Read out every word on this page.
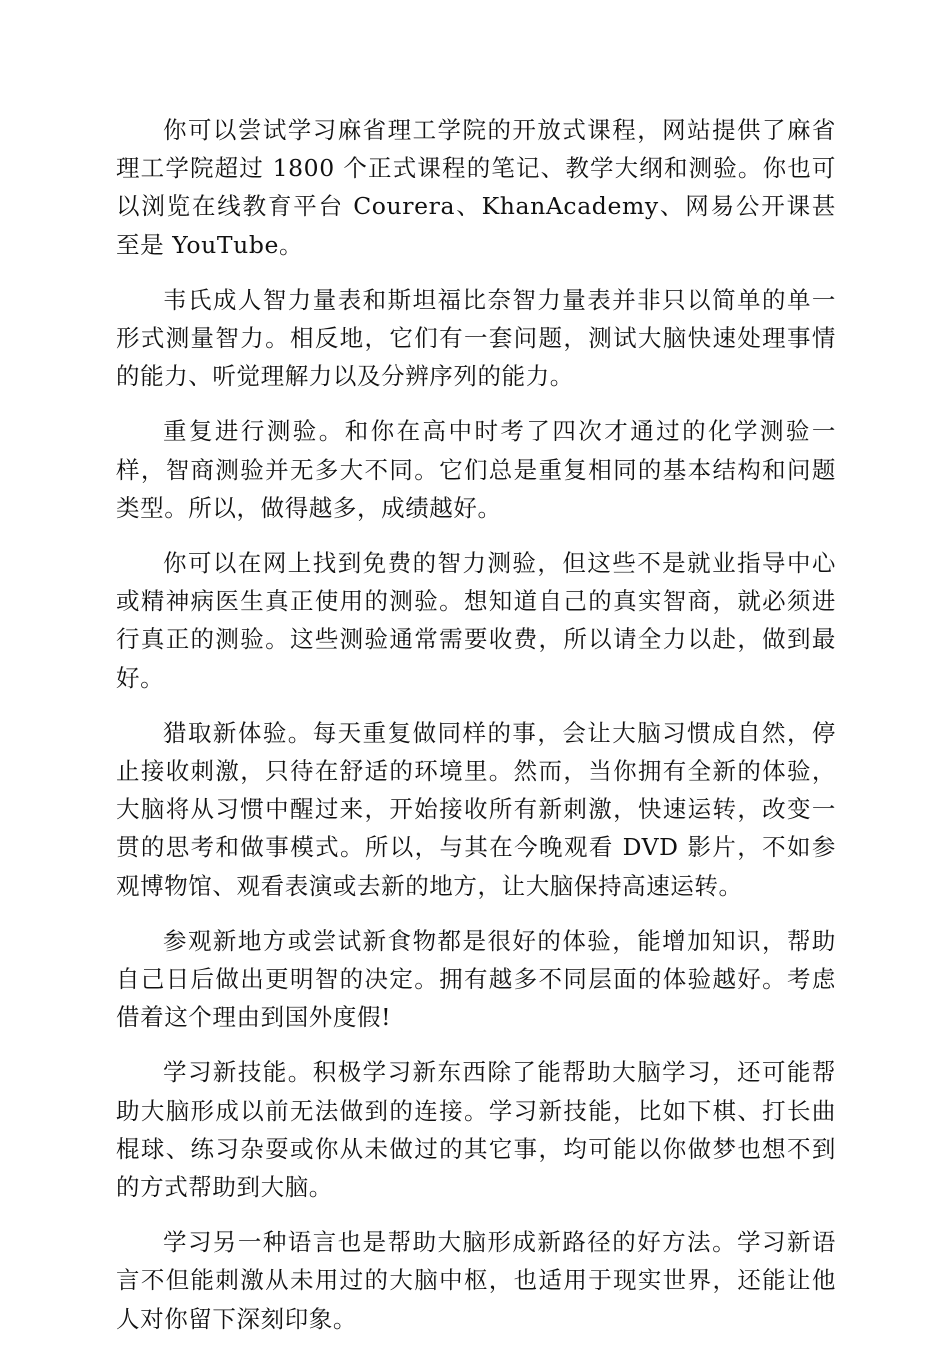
你可以尝试学习麻省理工学院的开放式课程，网站提供了麻省理工学院超过 1800 个正式课程的笔记、教学大纲和测验。你也可以浏览在线教育平台 Courera、KhanAcademy、网易公开课甚至是 YouTube。

韦氏成人智力量表和斯坦福比奈智力量表并非只以简单的单一形式测量智力。相反地，它们有一套问题，测试大脑快速处理事情的能力、听觉理解力以及分辨序列的能力。

重复进行测验。和你在高中时考了四次才通过的化学测验一样，智商测验并无多大不同。它们总是重复相同的基本结构和问题类型。所以，做得越多，成绩越好。

你可以在网上找到免费的智力测验，但这些不是就业指导中心或精神病医生真正使用的测验。想知道自己的真实智商，就必须进行真正的测验。这些测验通常需要收费，所以请全力以赴，做到最好。

猎取新体验。每天重复做同样的事，会让大脑习惯成自然，停止接收刺激，只待在舒适的环境里。然而，当你拥有全新的体验，大脑将从习惯中醒过来，开始接收所有新刺激，快速运转，改变一贯的思考和做事模式。所以，与其在今晚观看 DVD 影片，不如参观博物馆、观看表演或去新的地方，让大脑保持高速运转。

参观新地方或尝试新食物都是很好的体验，能增加知识，帮助自己日后做出更明智的决定。拥有越多不同层面的体验越好。考虑借着这个理由到国外度假!

学习新技能。积极学习新东西除了能帮助大脑学习，还可能帮助大脑形成以前无法做到的连接。学习新技能，比如下棋、打长曲棍球、练习杂耍或你从未做过的其它事，均可能以你做梦也想不到的方式帮助到大脑。

学习另一种语言也是帮助大脑形成新路径的好方法。学习新语言不但能刺激从未用过的大脑中枢，也适用于现实世界，还能让他人对你留下深刻印象。
